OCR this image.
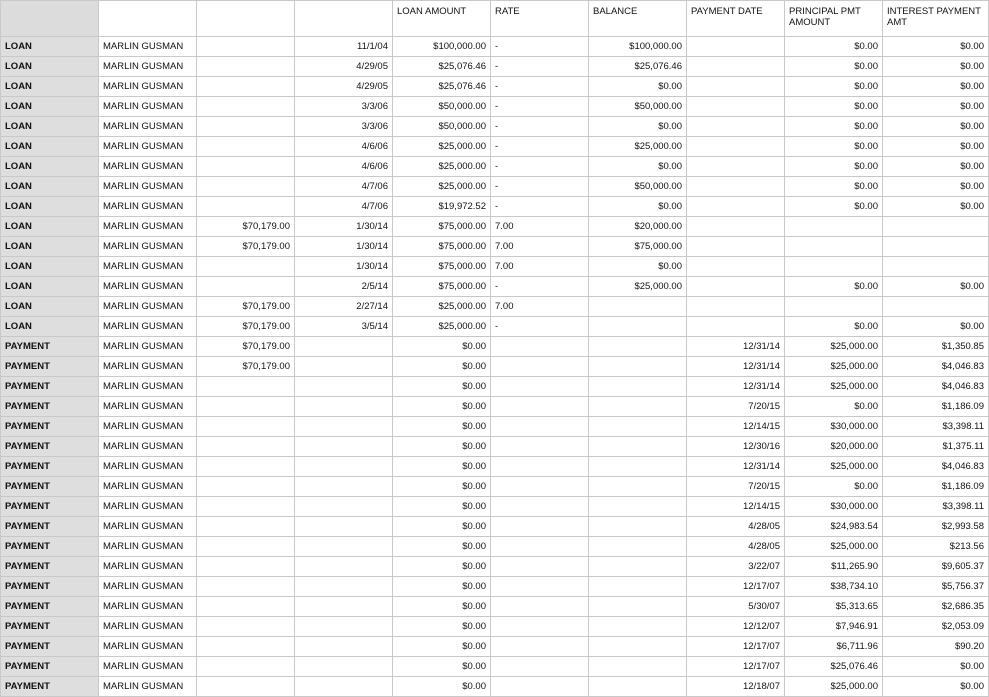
				LOAN AMOUNT	RATE	BALANCE	PAYMENT DATE	PRINCIPAL PMT AMOUNT	INTEREST PAYMENT AMT
LOAN	MARLIN GUSMAN		11/1/04	$100,000.00	-	$100,000.00		$0.00	$0.00
LOAN	MARLIN GUSMAN		4/29/05	$25,076.46	-	$25,076.46		$0.00	$0.00
LOAN	MARLIN GUSMAN		4/29/05	$25,076.46	-	$0.00		$0.00	$0.00
LOAN	MARLIN GUSMAN		3/3/06	$50,000.00	-	$50,000.00		$0.00	$0.00
LOAN	MARLIN GUSMAN		3/3/06	$50,000.00	-	$0.00		$0.00	$0.00
LOAN	MARLIN GUSMAN		4/6/06	$25,000.00	-	$25,000.00		$0.00	$0.00
LOAN	MARLIN GUSMAN		4/6/06	$25,000.00	-	$0.00		$0.00	$0.00
LOAN	MARLIN GUSMAN		4/7/06	$25,000.00	-	$50,000.00		$0.00	$0.00
LOAN	MARLIN GUSMAN		4/7/06	$19,972.52	-	$0.00		$0.00	$0.00
LOAN	MARLIN GUSMAN	$70,179.00	1/30/14	$75,000.00	7.00	$20,000.00			
LOAN	MARLIN GUSMAN	$70,179.00	1/30/14	$75,000.00	7.00	$75,000.00			
LOAN	MARLIN GUSMAN		1/30/14	$75,000.00	7.00	$0.00			
LOAN	MARLIN GUSMAN		2/5/14	$75,000.00	-	$25,000.00		$0.00	$0.00
LOAN	MARLIN GUSMAN	$70,179.00	2/27/14	$25,000.00	7.00				
LOAN	MARLIN GUSMAN	$70,179.00	3/5/14	$25,000.00	-			$0.00	$0.00
PAYMENT	MARLIN GUSMAN	$70,179.00		$0.00			12/31/14	$25,000.00	$1,350.85
PAYMENT	MARLIN GUSMAN	$70,179.00		$0.00			12/31/14	$25,000.00	$4,046.83
PAYMENT	MARLIN GUSMAN			$0.00			12/31/14	$25,000.00	$4,046.83
PAYMENT	MARLIN GUSMAN			$0.00			7/20/15	$0.00	$1,186.09
PAYMENT	MARLIN GUSMAN			$0.00			12/14/15	$30,000.00	$3,398.11
PAYMENT	MARLIN GUSMAN			$0.00			12/30/16	$20,000.00	$1,375.11
PAYMENT	MARLIN GUSMAN			$0.00			12/31/14	$25,000.00	$4,046.83
PAYMENT	MARLIN GUSMAN			$0.00			7/20/15	$0.00	$1,186.09
PAYMENT	MARLIN GUSMAN			$0.00			12/14/15	$30,000.00	$3,398.11
PAYMENT	MARLIN GUSMAN			$0.00			4/28/05	$24,983.54	$2,993.58
PAYMENT	MARLIN GUSMAN			$0.00			4/28/05	$25,000.00	$213.56
PAYMENT	MARLIN GUSMAN			$0.00			3/22/07	$11,265.90	$9,605.37
PAYMENT	MARLIN GUSMAN			$0.00			12/17/07	$38,734.10	$5,756.37
PAYMENT	MARLIN GUSMAN			$0.00			5/30/07	$5,313.65	$2,686.35
PAYMENT	MARLIN GUSMAN			$0.00			12/12/07	$7,946.91	$2,053.09
PAYMENT	MARLIN GUSMAN			$0.00			12/17/07	$6,711.96	$90.20
PAYMENT	MARLIN GUSMAN			$0.00			12/17/07	$25,076.46	$0.00
PAYMENT	MARLIN GUSMAN			$0.00			12/18/07	$25,000.00	$0.00
